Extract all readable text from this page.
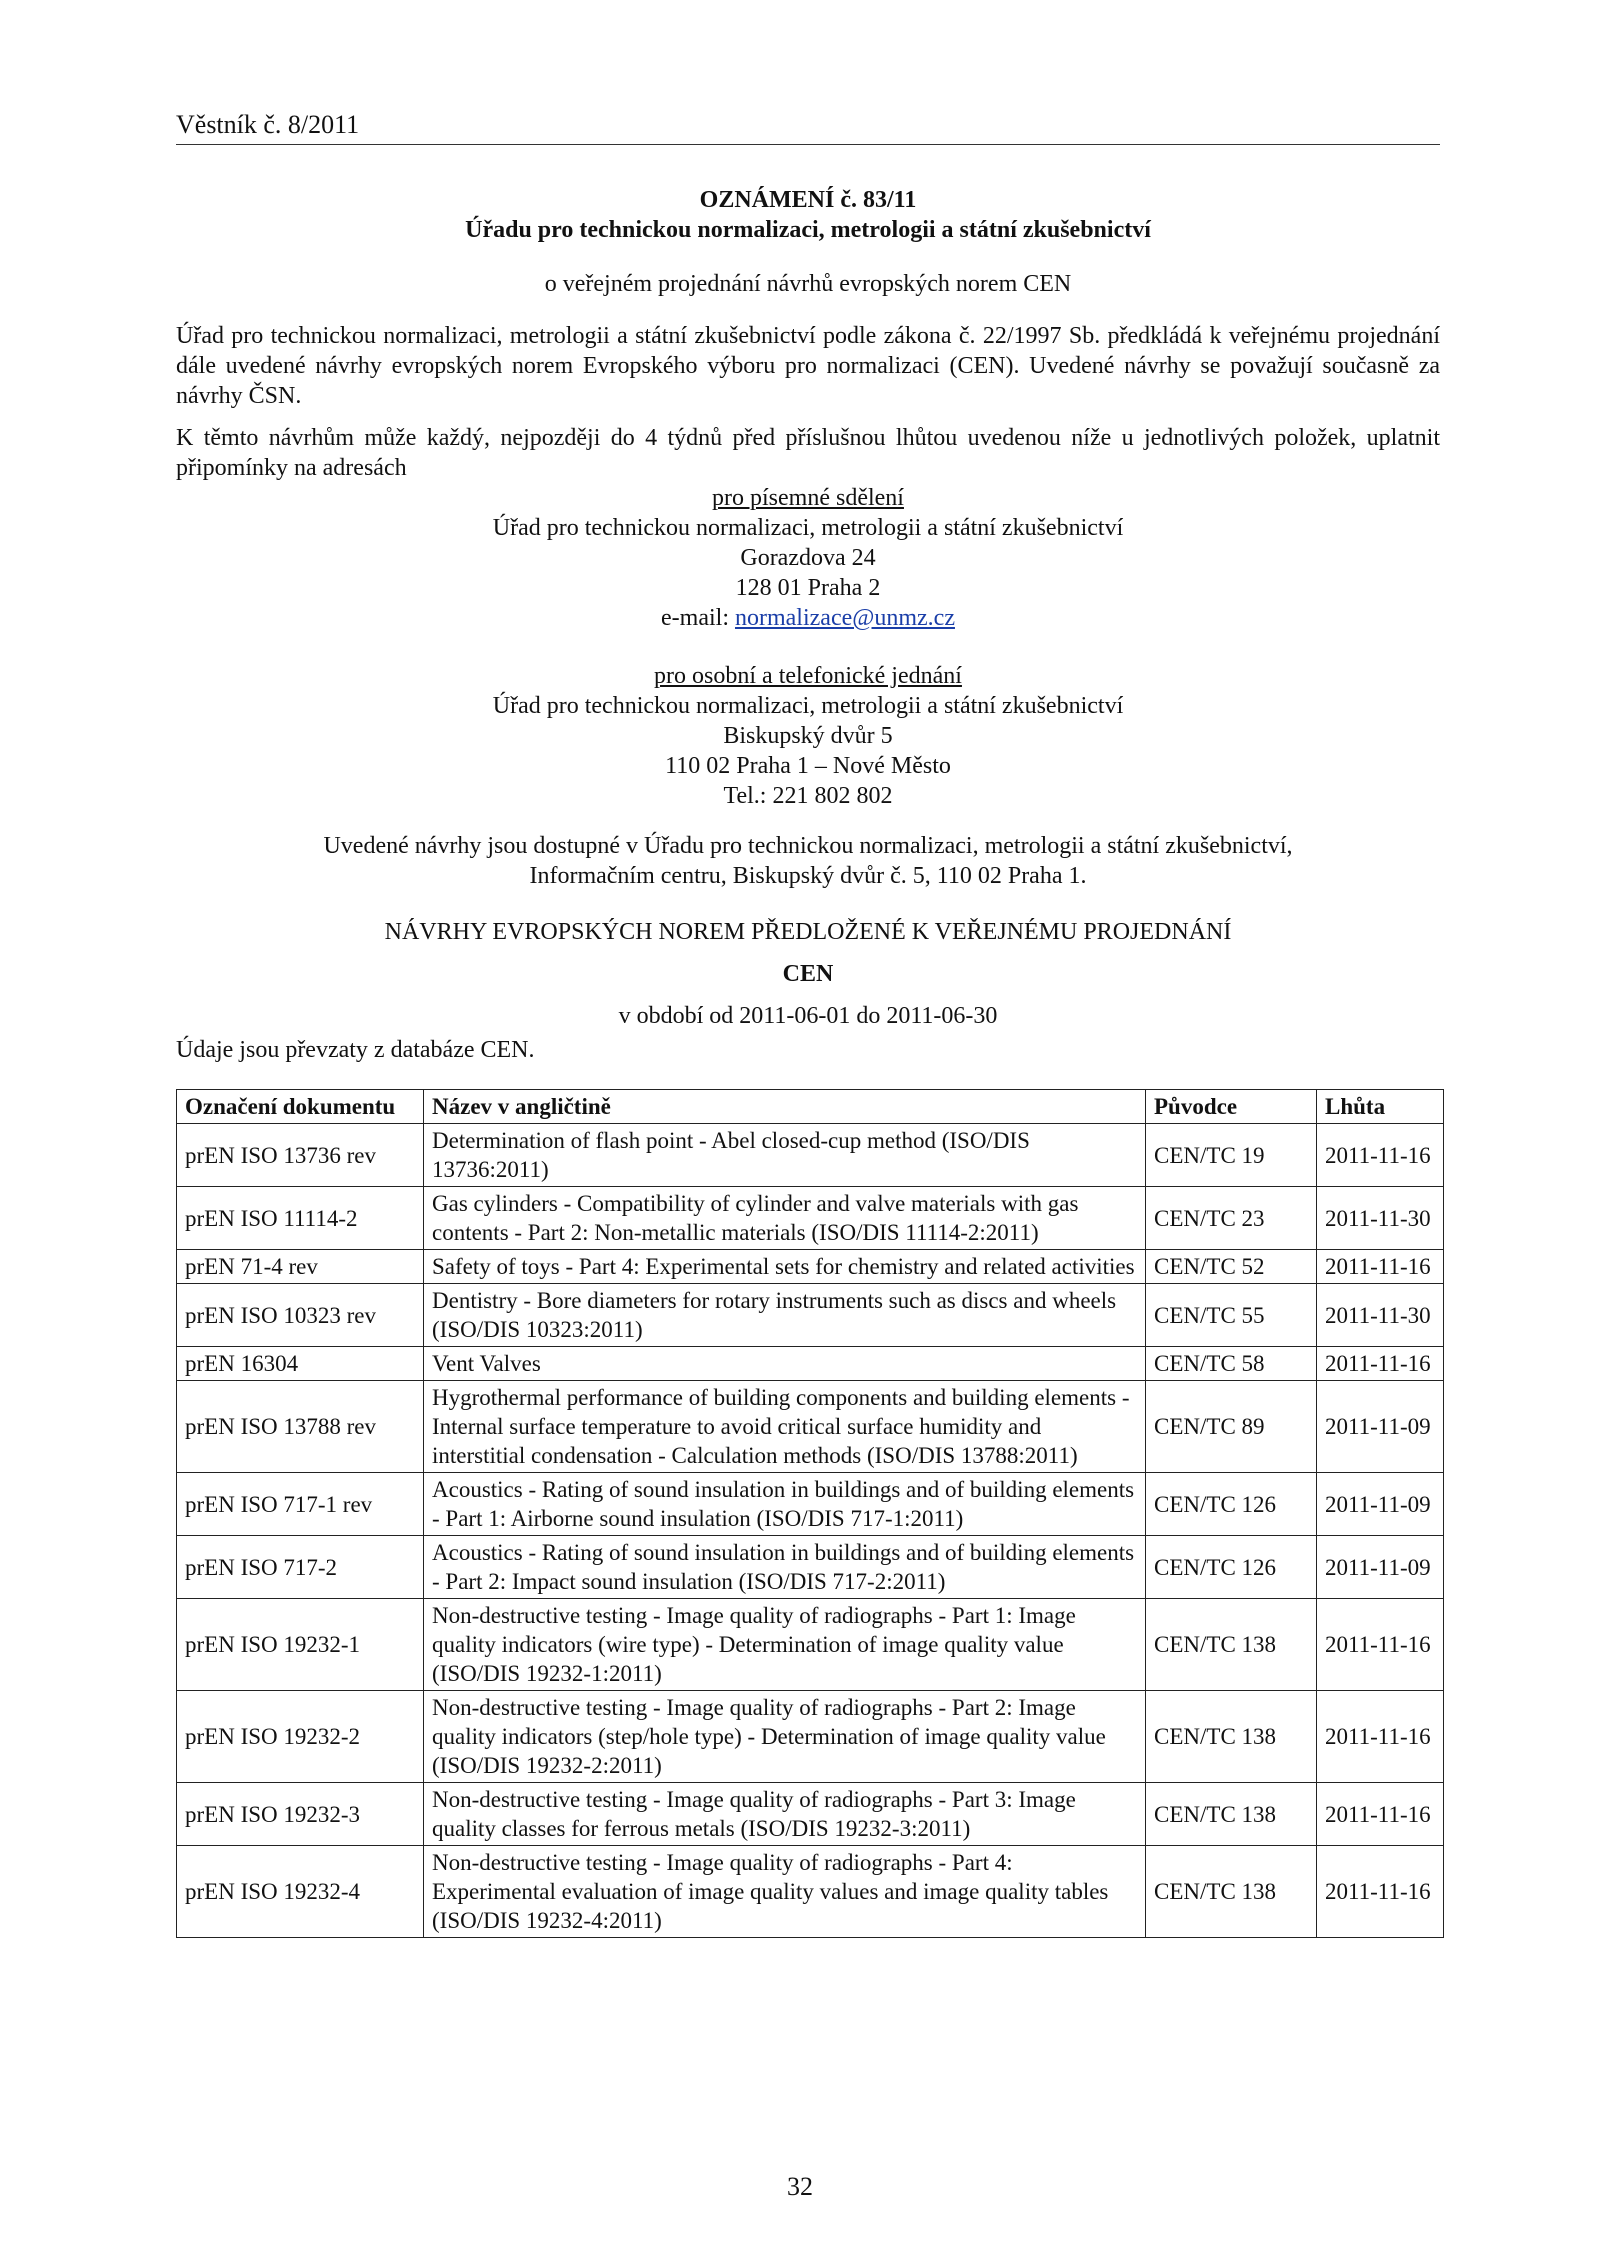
Věstník č. 8/2011
OZNÁMENÍ č. 83/11
Úřadu pro technickou normalizaci, metrologii a státní zkušebnictví
o veřejném projednání návrhů evropských norem CEN
Úřad pro technickou normalizaci, metrologii a státní zkušebnictví podle zákona č. 22/1997 Sb. předkládá k veřejnému projednání dále uvedené návrhy evropských norem Evropského výboru pro normalizaci (CEN). Uvedené návrhy se považují současně za návrhy ČSN.
K těmto návrhům může každý, nejpozději do 4 týdnů před příslušnou lhůtou uvedenou níže u jednotlivých položek, uplatnit připomínky na adresách
pro písemné sdělení
Úřad pro technickou normalizaci, metrologii a státní zkušebnictví
Gorazdova 24
128 01 Praha 2
e-mail: normalizace@unmz.cz
pro osobní a telefonické jednání
Úřad pro technickou normalizaci, metrologii a státní zkušebnictví
Biskupský dvůr 5
110 02 Praha 1 – Nové Město
Tel.: 221 802 802
Uvedené návrhy jsou dostupné v Úřadu pro technickou normalizaci, metrologii a státní zkušebnictví,
Informačním centru, Biskupský dvůr č. 5, 110 02 Praha 1.
NÁVRHY EVROPSKÝCH NOREM PŘEDLOŽENÉ K VEŘEJNÉMU PROJEDNÁNÍ
CEN
v období od 2011-06-01 do 2011-06-30
Údaje jsou převzaty z databáze CEN.
Označení dokumentu	Název v angličtině	Původce	Lhůta
prEN ISO 13736 rev	Determination of flash point - Abel closed-cup method (ISO/DIS 13736:2011)	CEN/TC 19	2011-11-16
prEN ISO 11114-2	Gas cylinders - Compatibility of cylinder and valve materials with gas contents - Part 2: Non-metallic materials (ISO/DIS 11114-2:2011)	CEN/TC 23	2011-11-30
prEN 71-4 rev	Safety of toys - Part 4: Experimental sets for chemistry and related activities	CEN/TC 52	2011-11-16
prEN ISO 10323 rev	Dentistry - Bore diameters for rotary instruments such as discs and wheels (ISO/DIS 10323:2011)	CEN/TC 55	2011-11-30
prEN 16304	Vent Valves	CEN/TC 58	2011-11-16
prEN ISO 13788 rev	Hygrothermal performance of building components and building elements - Internal surface temperature to avoid critical surface humidity and interstitial condensation - Calculation methods (ISO/DIS 13788:2011)	CEN/TC 89	2011-11-09
prEN ISO 717-1 rev	Acoustics - Rating of sound insulation in buildings and of building elements - Part 1: Airborne sound insulation (ISO/DIS 717-1:2011)	CEN/TC 126	2011-11-09
prEN ISO 717-2	Acoustics - Rating of sound insulation in buildings and of building elements - Part 2: Impact sound insulation (ISO/DIS 717-2:2011)	CEN/TC 126	2011-11-09
prEN ISO 19232-1	Non-destructive testing - Image quality of radiographs - Part 1: Image quality indicators (wire type) - Determination of image quality value (ISO/DIS 19232-1:2011)	CEN/TC 138	2011-11-16
prEN ISO 19232-2	Non-destructive testing - Image quality of radiographs - Part 2: Image quality indicators (step/hole type) - Determination of image quality value (ISO/DIS 19232-2:2011)	CEN/TC 138	2011-11-16
prEN ISO 19232-3	Non-destructive testing - Image quality of radiographs - Part 3: Image quality classes for ferrous metals (ISO/DIS 19232-3:2011)	CEN/TC 138	2011-11-16
prEN ISO 19232-4	Non-destructive testing - Image quality of radiographs - Part 4: Experimental evaluation of image quality values and image quality tables (ISO/DIS 19232-4:2011)	CEN/TC 138	2011-11-16
32
